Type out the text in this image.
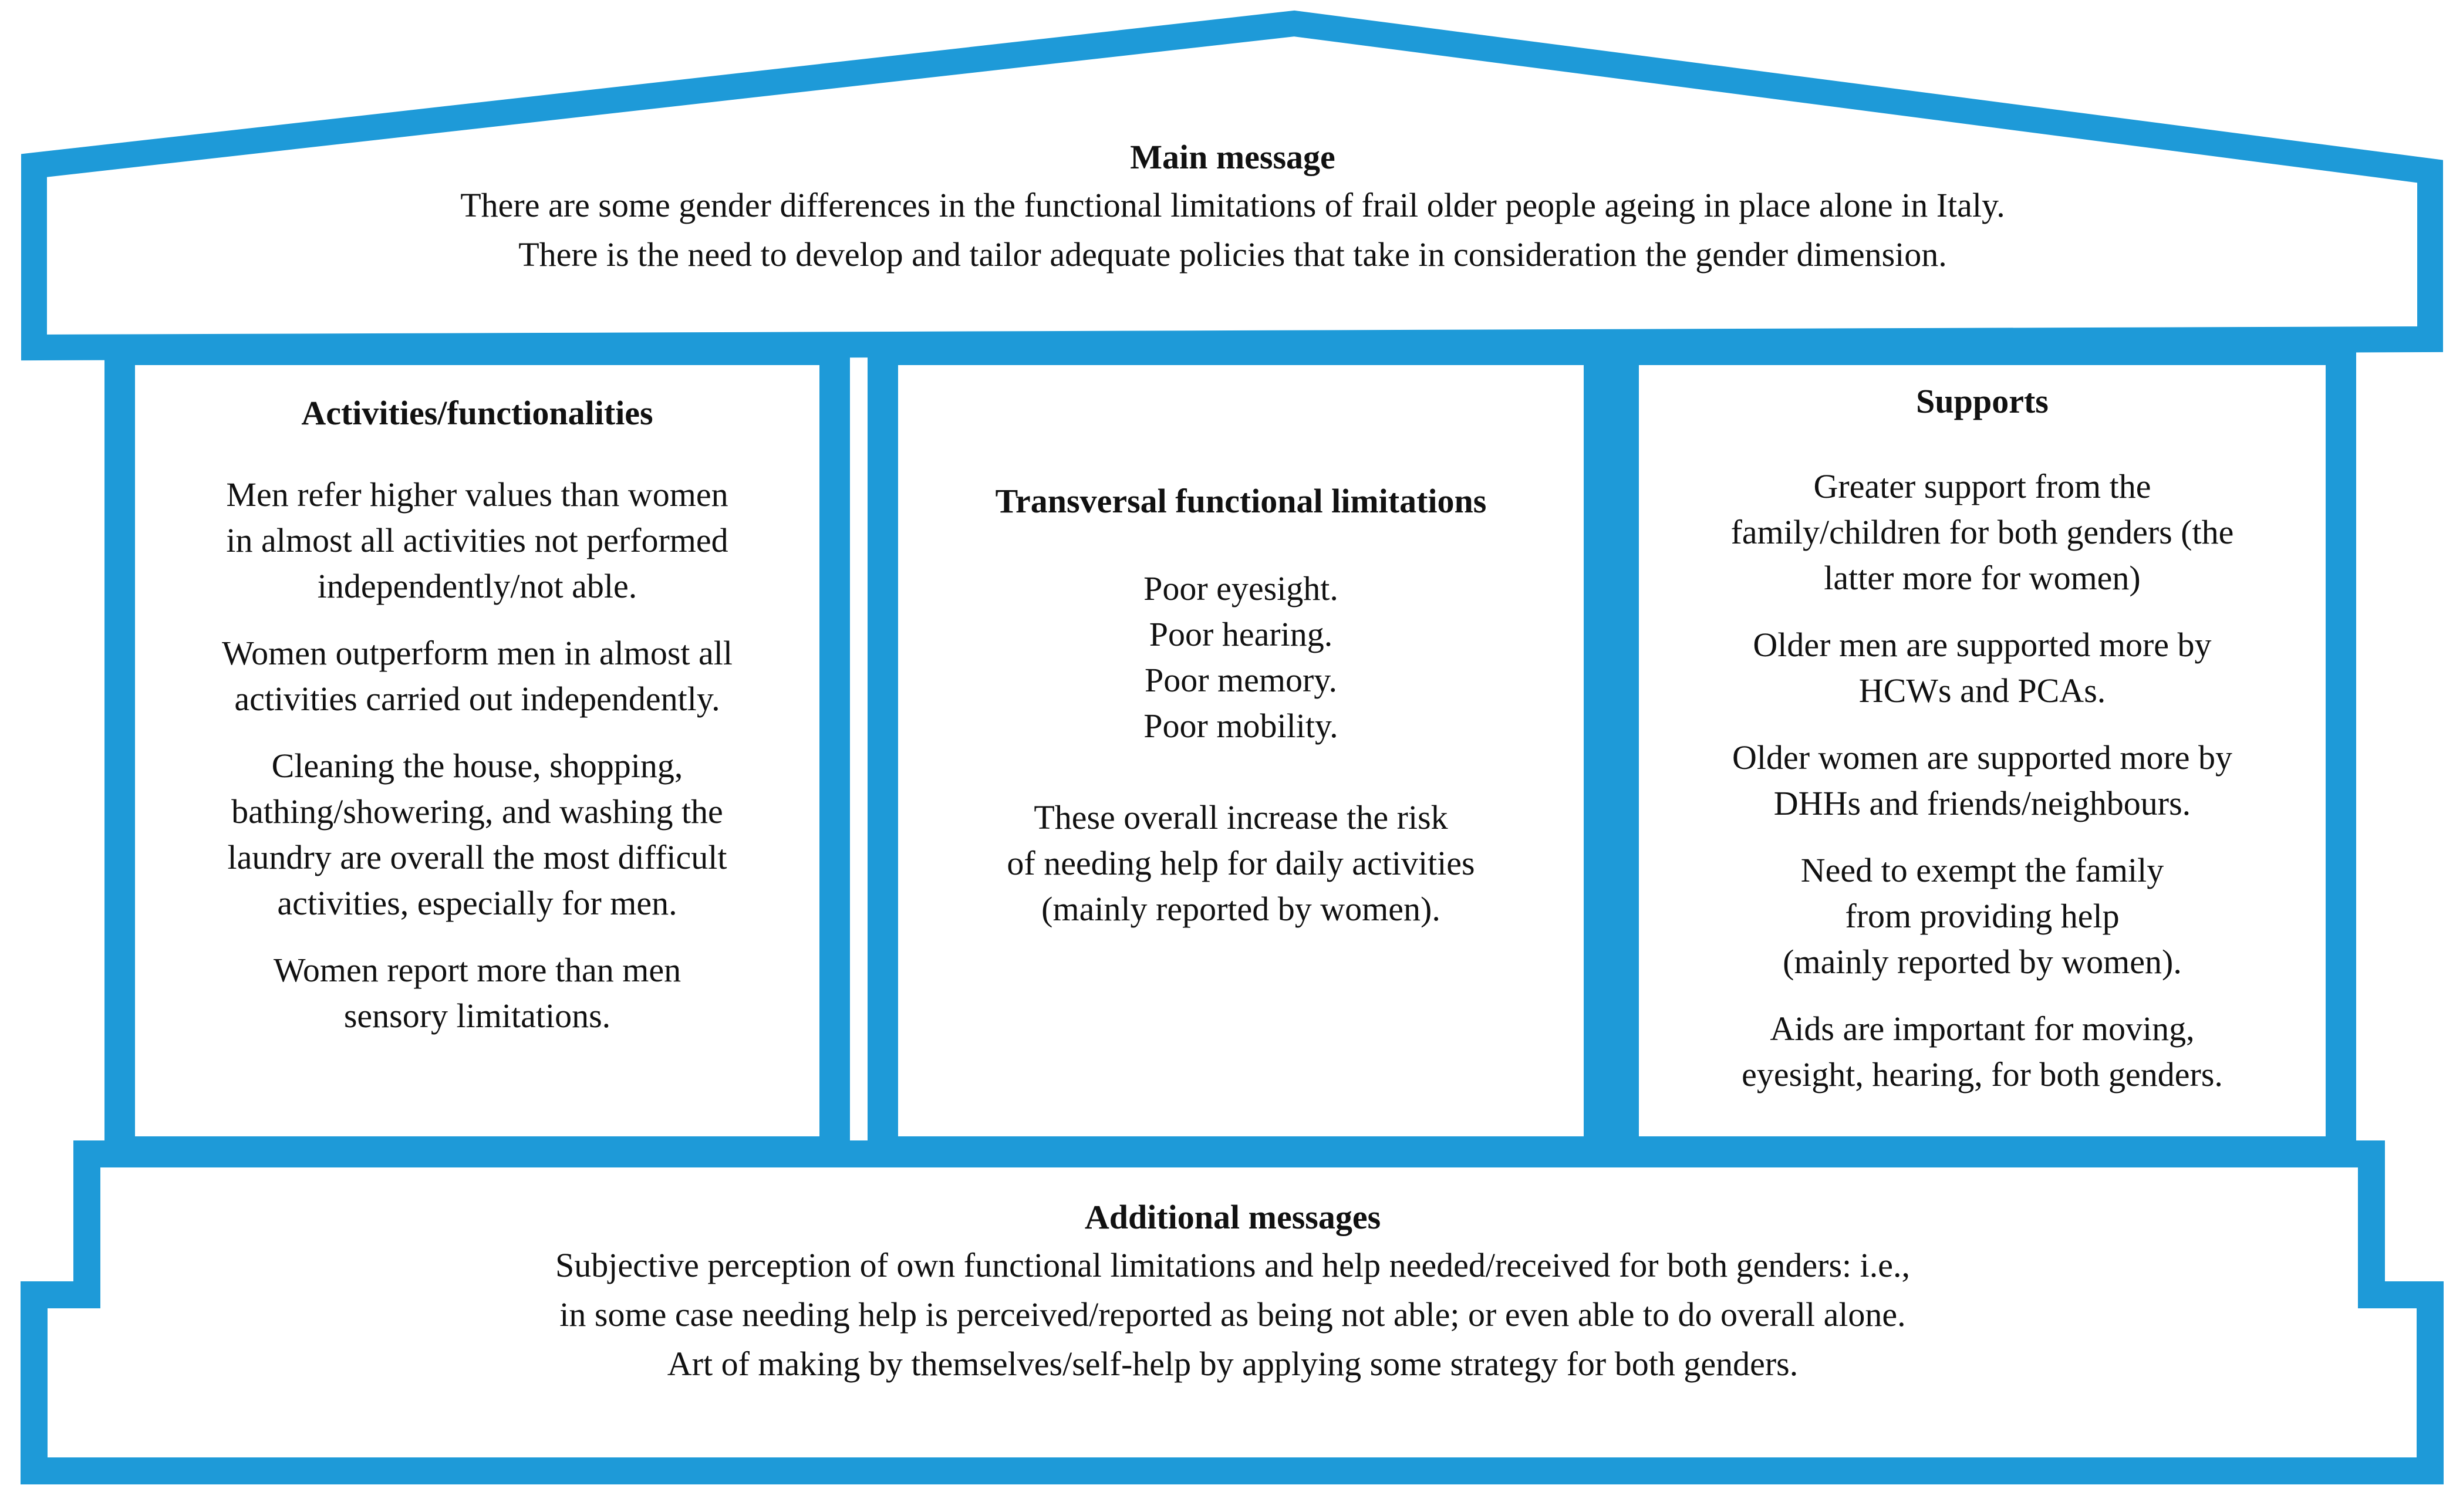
Main message
There are some gender differences in the functional limitations of frail older people ageing in place alone in Italy.
There is the need to develop and tailor adequate policies that take in consideration the gender dimension.
Activities/functionalities
Men refer higher values than women
in almost all activities not performed
independently/not able.
Women outperform men in almost all
activities carried out independently.
Cleaning the house, shopping,
bathing/showering, and washing the
laundry are overall the most difficult
activities, especially for men.
Women report more than men
sensory limitations.
Transversal functional limitations
Poor eyesight.
Poor hearing.
Poor memory.
Poor mobility.
These overall increase the risk
of needing help for daily activities
(mainly reported by women).
Supports
Greater support from the
family/children for both genders (the
latter more for women)
Older men are supported more by
HCWs and PCAs.
Older women are supported more by
DHHs and friends/neighbours.
Need to exempt the family
from providing help
(mainly reported by women).
Aids are important for moving,
eyesight, hearing, for both genders.
Additional messages
Subjective perception of own functional limitations and help needed/received for both genders: i.e.,
in some case needing help is perceived/reported as being not able; or even able to do overall alone.
Art of making by themselves/self-help by applying some strategy for both genders.
